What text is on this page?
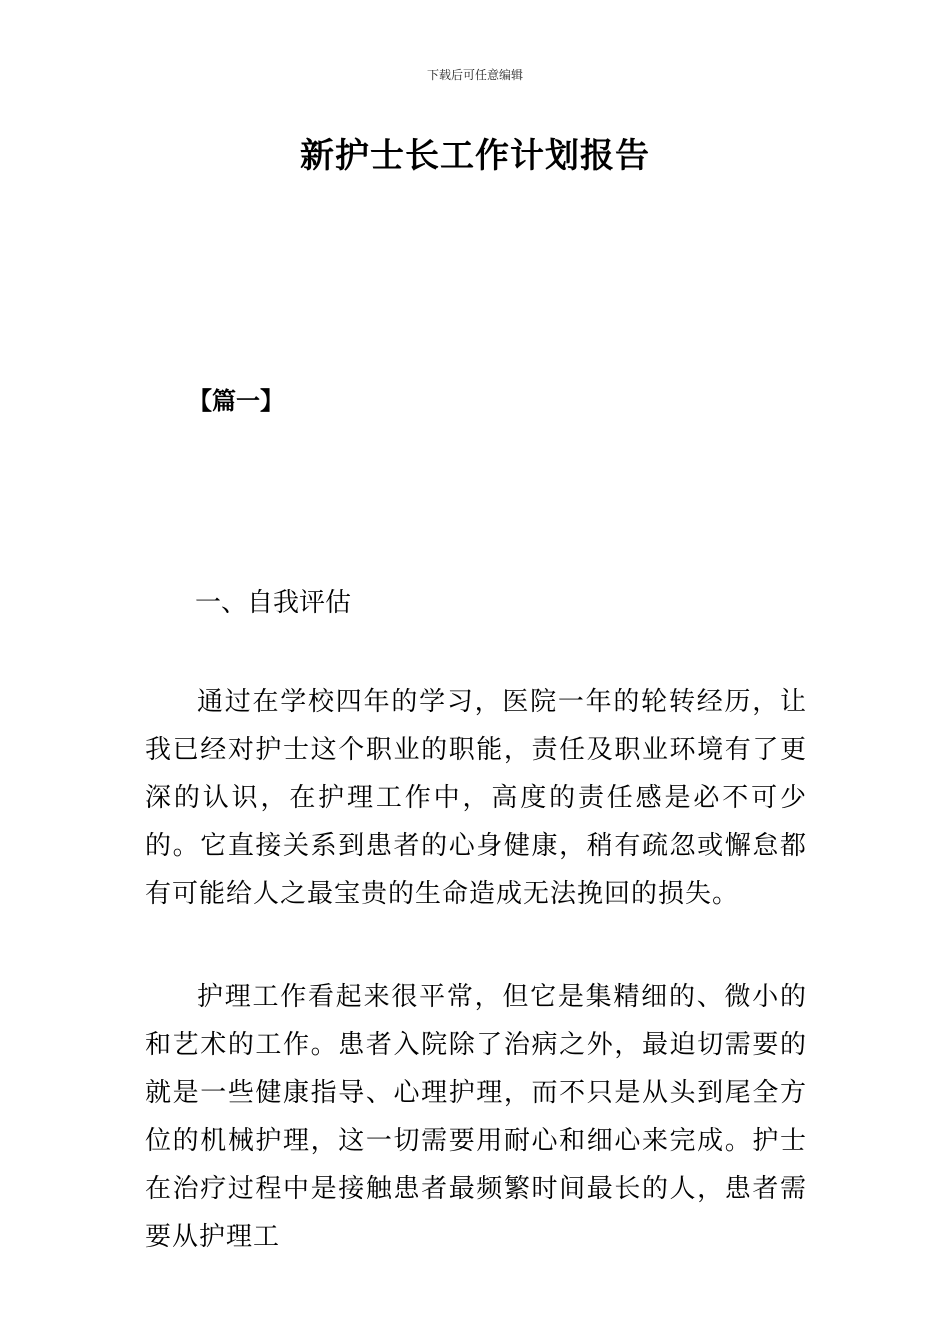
下载后可任意编辑
新护士长工作计划报告

【篇一】

一、自我评估

通过在学校四年的学习，医院一年的轮转经历，让我已经对护士这个职业的职能，责任及职业环境有了更深的认识，在护理工作中，高度的责任感是必不可少的。它直接关系到患者的心身健康，稍有疏忽或懈怠都有可能给人之最宝贵的生命造成无法挽回的损失。

护理工作看起来很平常，但它是集精细的、微小的和艺术的工作。患者入院除了治病之外，最迫切需要的就是一些健康指导、心理护理，而不只是从头到尾全方位的机械护理，这一切需要用耐心和细心来完成。护士在治疗过程中是接触患者最频繁时间最长的人，患者需要从护理工
